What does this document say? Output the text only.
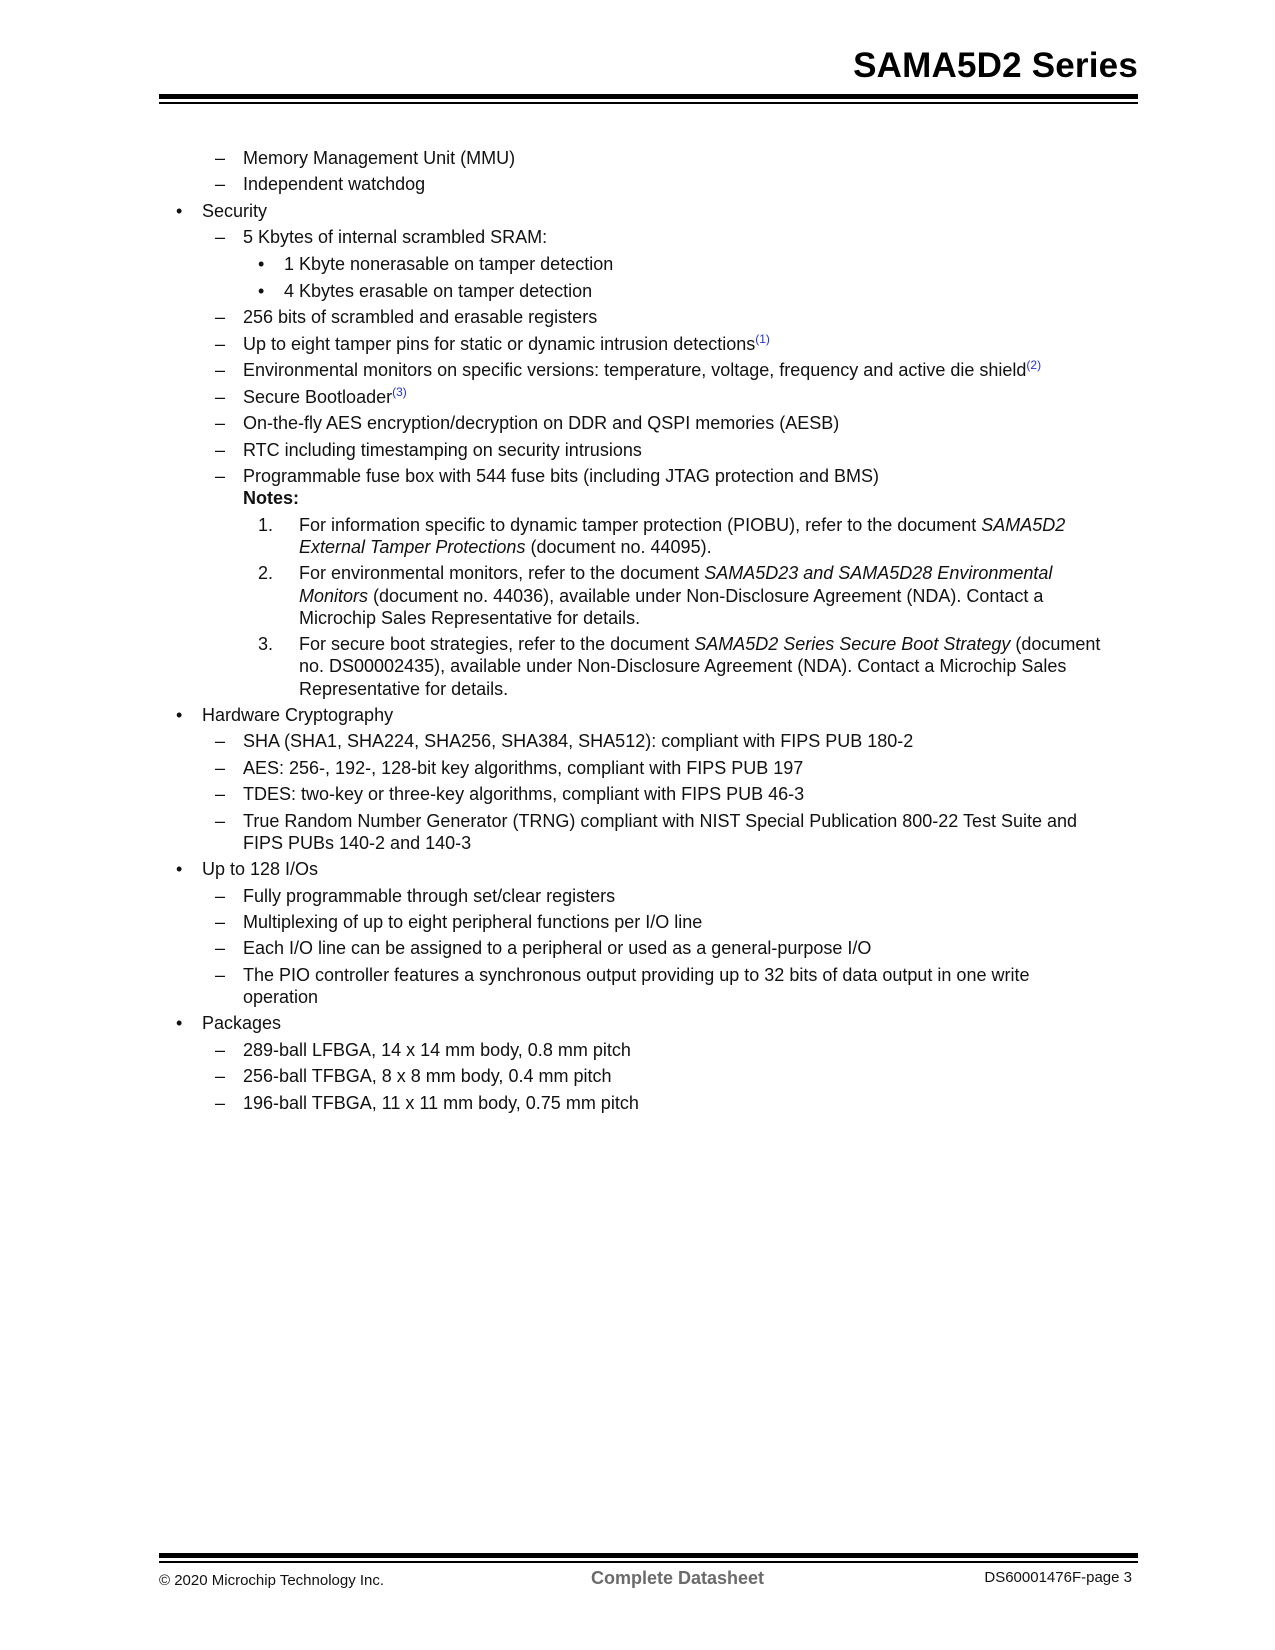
SAMA5D2 Series
– Memory Management Unit (MMU)
– Independent watchdog
• Security
– 5 Kbytes of internal scrambled SRAM:
• 1 Kbyte nonerasable on tamper detection
• 4 Kbytes erasable on tamper detection
– 256 bits of scrambled and erasable registers
– Up to eight tamper pins for static or dynamic intrusion detections$^{(1)}$
– Environmental monitors on specific versions: temperature, voltage, frequency and active die shield$^{(2)}$
– Secure Bootloader$^{(3)}$
– On-the-fly AES encryption/decryption on DDR and QSPI memories (AESB)
– RTC including timestamping on security intrusions
– Programmable fuse box with 544 fuse bits (including JTAG protection and BMS)
Notes:
1. For information specific to dynamic tamper protection (PIOBU), refer to the document SAMA5D2
External Tamper Protections (document no. 44095).
2. For environmental monitors, refer to the document SAMA5D23 and SAMA5D28 Environmental
Monitors (document no. 44036), available under Non-Disclosure Agreement (NDA). Contact a
Microchip Sales Representative for details.
3. For secure boot strategies, refer to the document SAMA5D2 Series Secure Boot Strategy (document
no. DS00002435), available under Non-Disclosure Agreement (NDA). Contact a Microchip Sales
Representative for details.
• Hardware Cryptography
– SHA (SHA1, SHA224, SHA256, SHA384, SHA512): compliant with FIPS PUB 180-2
– AES: 256-, 192-, 128-bit key algorithms, compliant with FIPS PUB 197
– TDES: two-key or three-key algorithms, compliant with FIPS PUB 46-3
– True Random Number Generator (TRNG) compliant with NIST Special Publication 800-22 Test Suite and
FIPS PUBs 140-2 and 140-3
• Up to 128 I/Os
– Fully programmable through set/clear registers
– Multiplexing of up to eight peripheral functions per I/O line
– Each I/O line can be assigned to a peripheral or used as a general-purpose I/O
– The PIO controller features a synchronous output providing up to 32 bits of data output in one write
operation
• Packages
– 289-ball LFBGA, 14 x 14 mm body, 0.8 mm pitch
– 256-ball TFBGA, 8 x 8 mm body, 0.4 mm pitch
– 196-ball TFBGA, 11 x 11 mm body, 0.75 mm pitch
© 2020 Microchip Technology Inc.	Complete Datasheet	DS60001476F-page 3
